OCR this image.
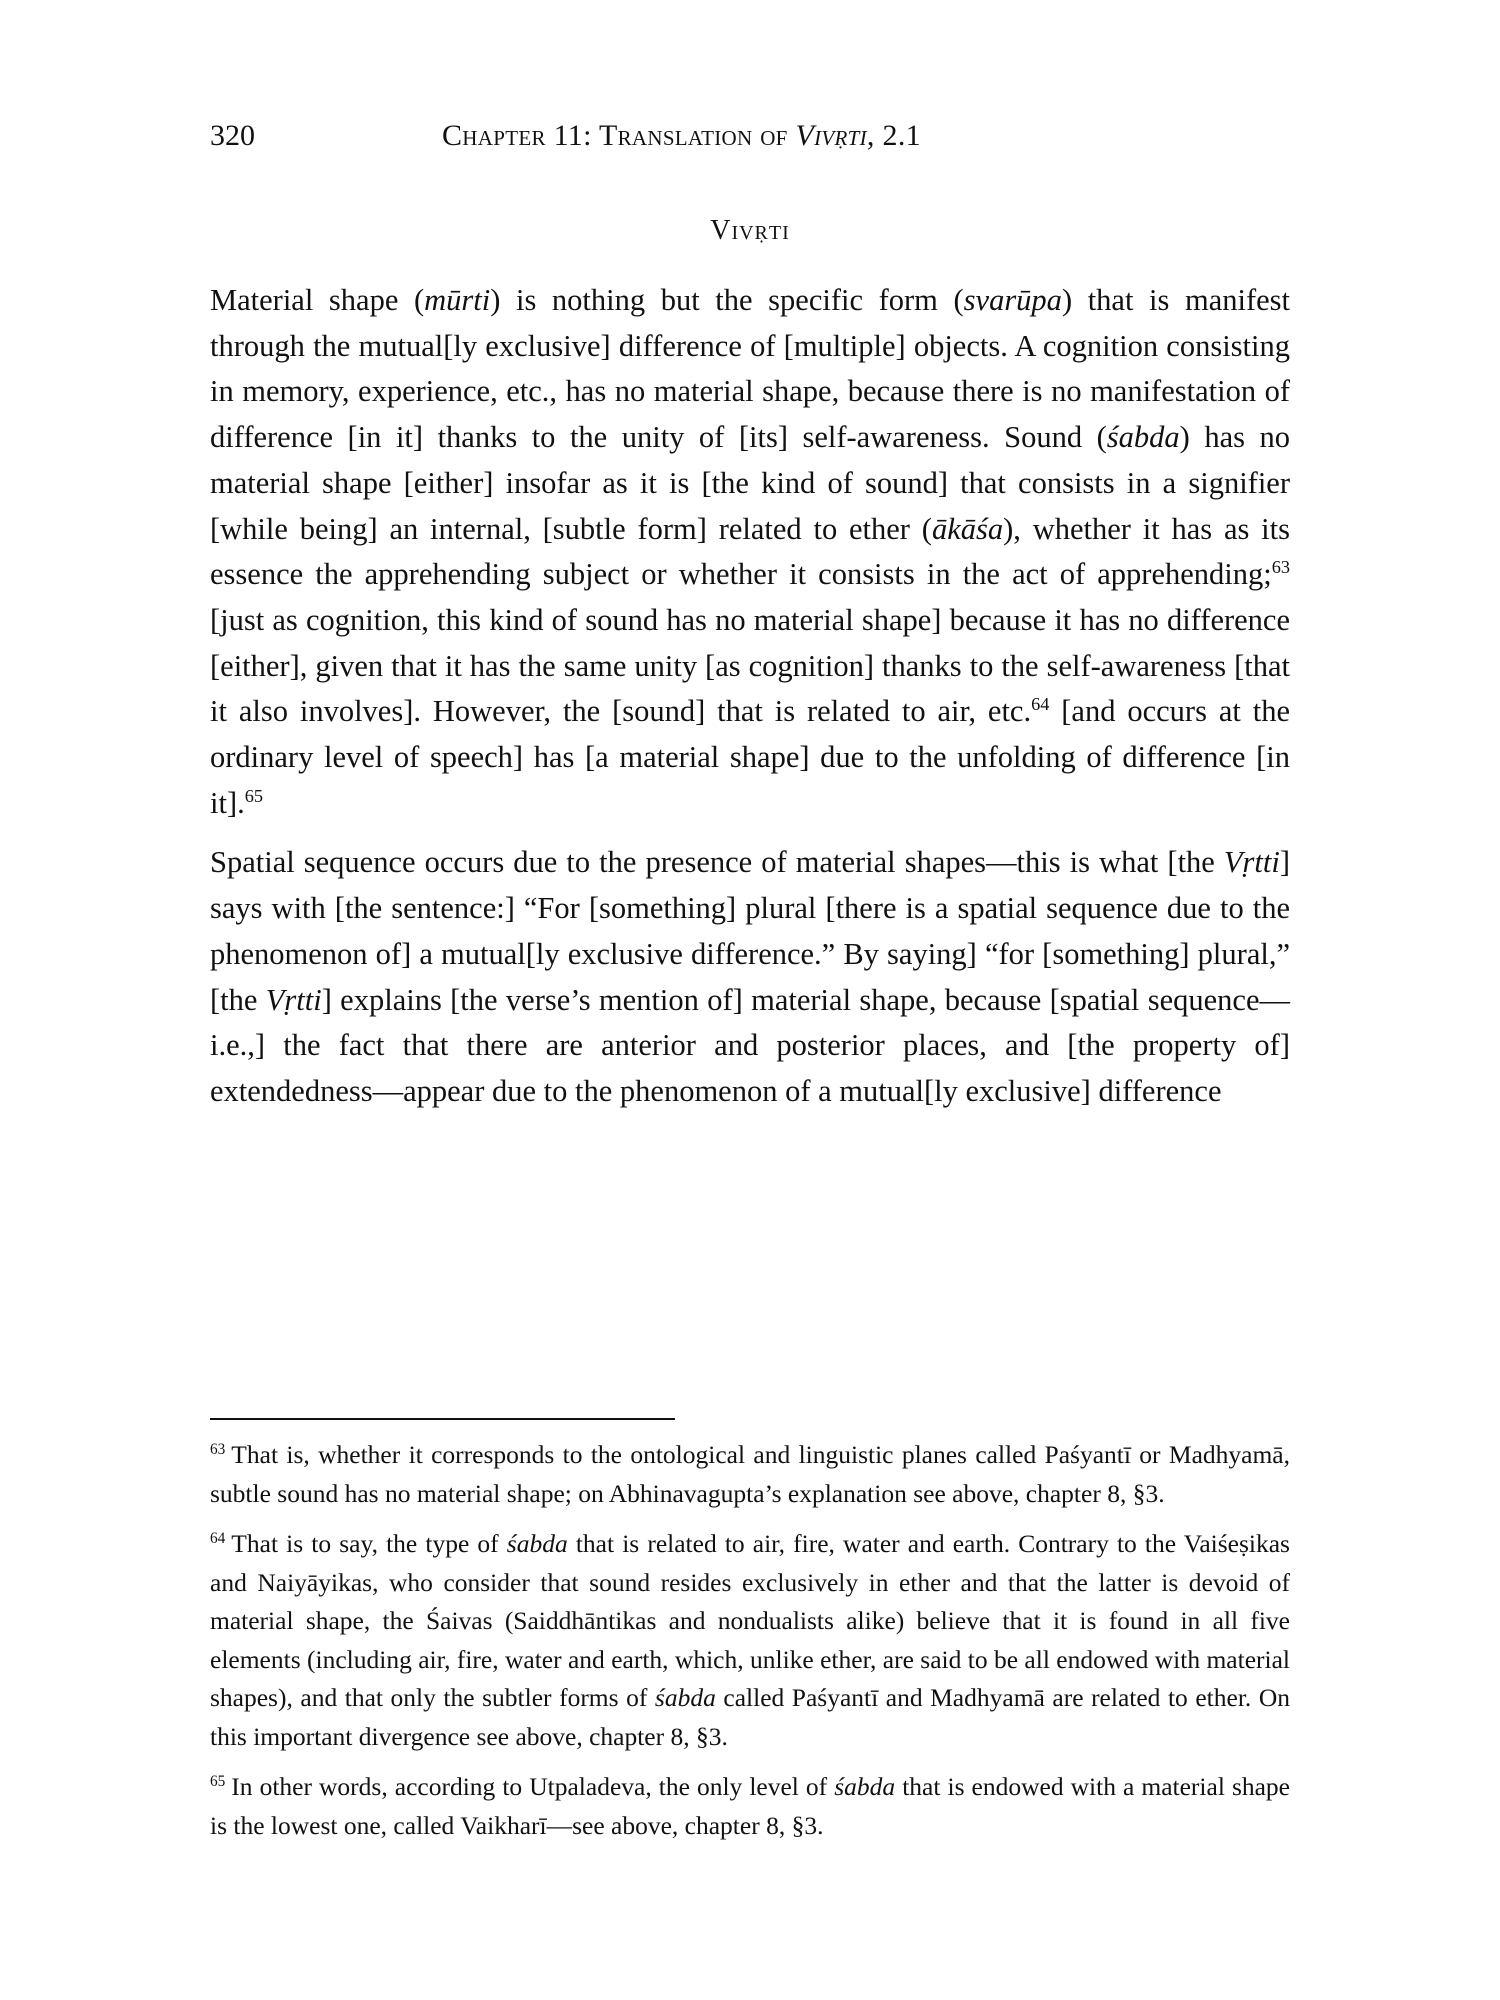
320	Chapter 11: Translation of Vivṛti, 2.1
Vivṛti

Material shape (mūrti) is nothing but the specific form (svarūpa) that is manifest through the mutual[ly exclusive] difference of [multiple] objects. A cognition consisting in memory, experience, etc., has no material shape, because there is no manifestation of difference [in it] thanks to the unity of [its] self-awareness. Sound (śabda) has no material shape [either] insofar as it is [the kind of sound] that consists in a signifier [while being] an internal, [subtle form] related to ether (ākāśa), whether it has as its essence the apprehending subject or whether it consists in the act of apprehending;$^{63}$ [just as cognition, this kind of sound has no material shape] because it has no difference [either], given that it has the same unity [as cognition] thanks to the self-awareness [that it also involves]. However, the [sound] that is related to air, etc.$^{64}$ [and occurs at the ordinary level of speech] has [a material shape] due to the unfolding of difference [in it].$^{65}$

Spatial sequence occurs due to the presence of material shapes—this is what [the Vṛtti] says with [the sentence:] “For [something] plural [there is a spatial sequence due to the phenomenon of] a mutual[ly exclusive difference.” By saying] “for [something] plural,” [the Vṛtti] explains [the verse’s mention of] material shape, because [spatial sequence—i.e.,] the fact that there are anterior and posterior places, and [the property of] extendedness—appear due to the phenomenon of a mutual[ly exclusive] difference

$^{63}$ That is, whether it corresponds to the ontological and linguistic planes called Paśyantī or Madhyamā, subtle sound has no material shape; on Abhinavagupta’s explanation see above, chapter 8, §3.

$^{64}$ That is to say, the type of śabda that is related to air, fire, water and earth. Contrary to the Vaiśeṣikas and Naiyāyikas, who consider that sound resides exclusively in ether and that the latter is devoid of material shape, the Śaivas (Saiddhāntikas and nondualists alike) believe that it is found in all five elements (including air, fire, water and earth, which, unlike ether, are said to be all endowed with material shapes), and that only the subtler forms of śabda called Paśyantī and Madhyamā are related to ether. On this important divergence see above, chapter 8, §3.

$^{65}$ In other words, according to Utpaladeva, the only level of śabda that is endowed with a material shape is the lowest one, called Vaikharī—see above, chapter 8, §3.
